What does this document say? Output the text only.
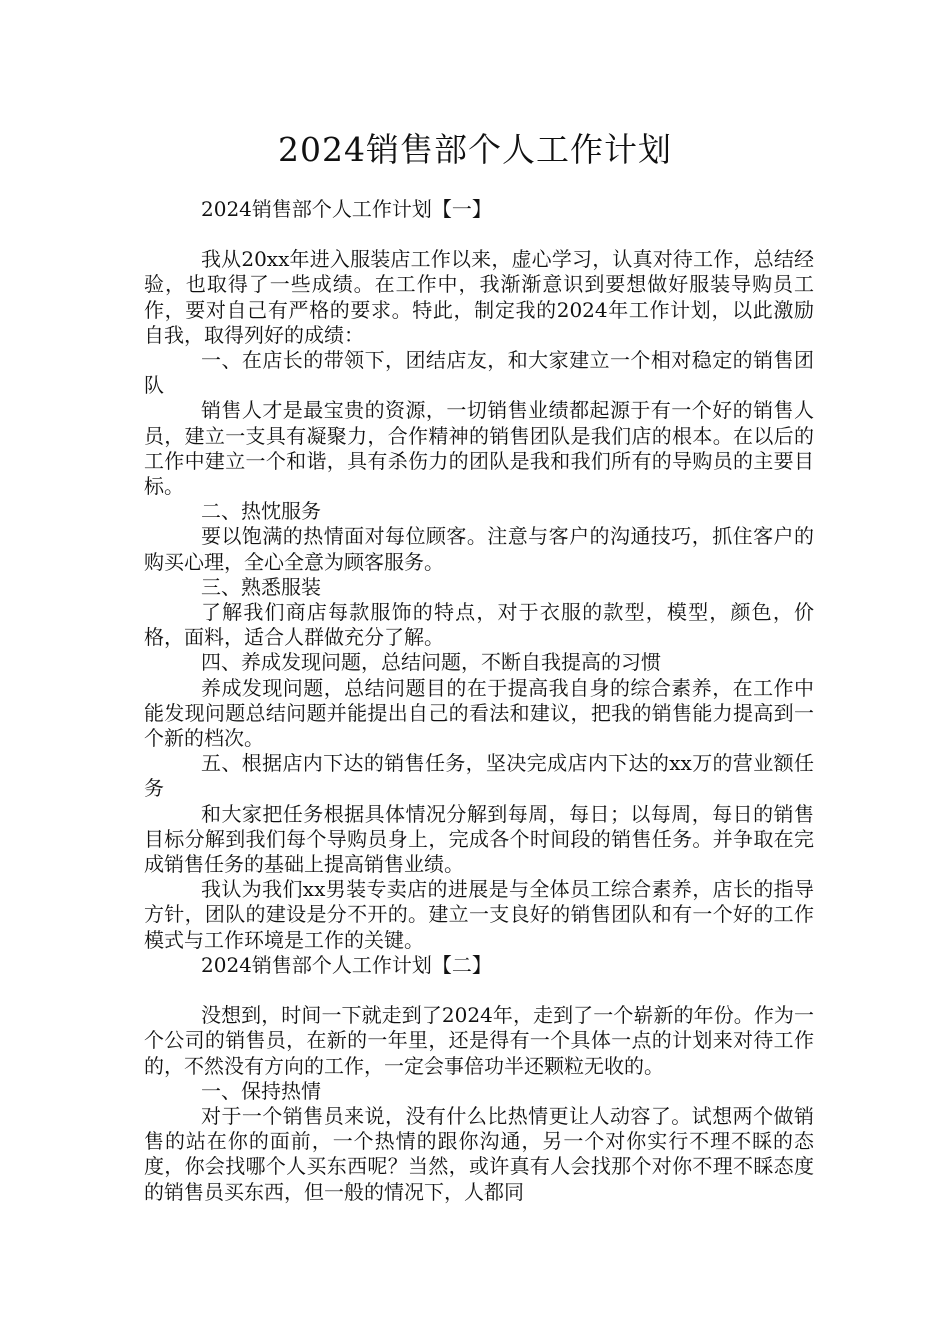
2024销售部个人工作计划

2024销售部个人工作计划【一】

我从20xx年进入服装店工作以来，虚心学习，认真对待工作，总结经验，也取得了一些成绩。在工作中，我渐渐意识到要想做好服装导购员工作，要对自己有严格的要求。特此，制定我的2024年工作计划，以此激励自我，取得列好的成绩：

一、在店长的带领下，团结店友，和大家建立一个相对稳定的销售团队

销售人才是最宝贵的资源，一切销售业绩都起源于有一个好的销售人员，建立一支具有凝聚力，合作精神的销售团队是我们店的根本。在以后的工作中建立一个和谐，具有杀伤力的团队是我和我们所有的导购员的主要目标。

二、热忱服务

要以饱满的热情面对每位顾客。注意与客户的沟通技巧，抓住客户的购买心理，全心全意为顾客服务。

三、熟悉服装

了解我们商店每款服饰的特点，对于衣服的款型，模型，颜色，价格，面料，适合人群做充分了解。

四、养成发现问题，总结问题，不断自我提高的习惯

养成发现问题，总结问题目的在于提高我自身的综合素养，在工作中能发现问题总结问题并能提出自己的看法和建议，把我的销售能力提高到一个新的档次。

五、根据店内下达的销售任务，坚决完成店内下达的xx万的营业额任务

和大家把任务根据具体情况分解到每周，每日；以每周，每日的销售目标分解到我们每个导购员身上，完成各个时间段的销售任务。并争取在完成销售任务的基础上提高销售业绩。

我认为我们xx男装专卖店的进展是与全体员工综合素养，店长的指导方针，团队的建设是分不开的。建立一支良好的销售团队和有一个好的工作模式与工作环境是工作的关键。

2024销售部个人工作计划【二】

没想到，时间一下就走到了2024年，走到了一个崭新的年份。作为一个公司的销售员，在新的一年里，还是得有一个具体一点的计划来对待工作的，不然没有方向的工作，一定会事倍功半还颗粒无收的。

一、保持热情

对于一个销售员来说，没有什么比热情更让人动容了。试想两个做销售的站在你的面前，一个热情的跟你沟通，另一个对你实行不理不睬的态度，你会找哪个人买东西呢？当然，或许真有人会找那个对你不理不睬态度的销售员买东西，但一般的情况下，人都同
